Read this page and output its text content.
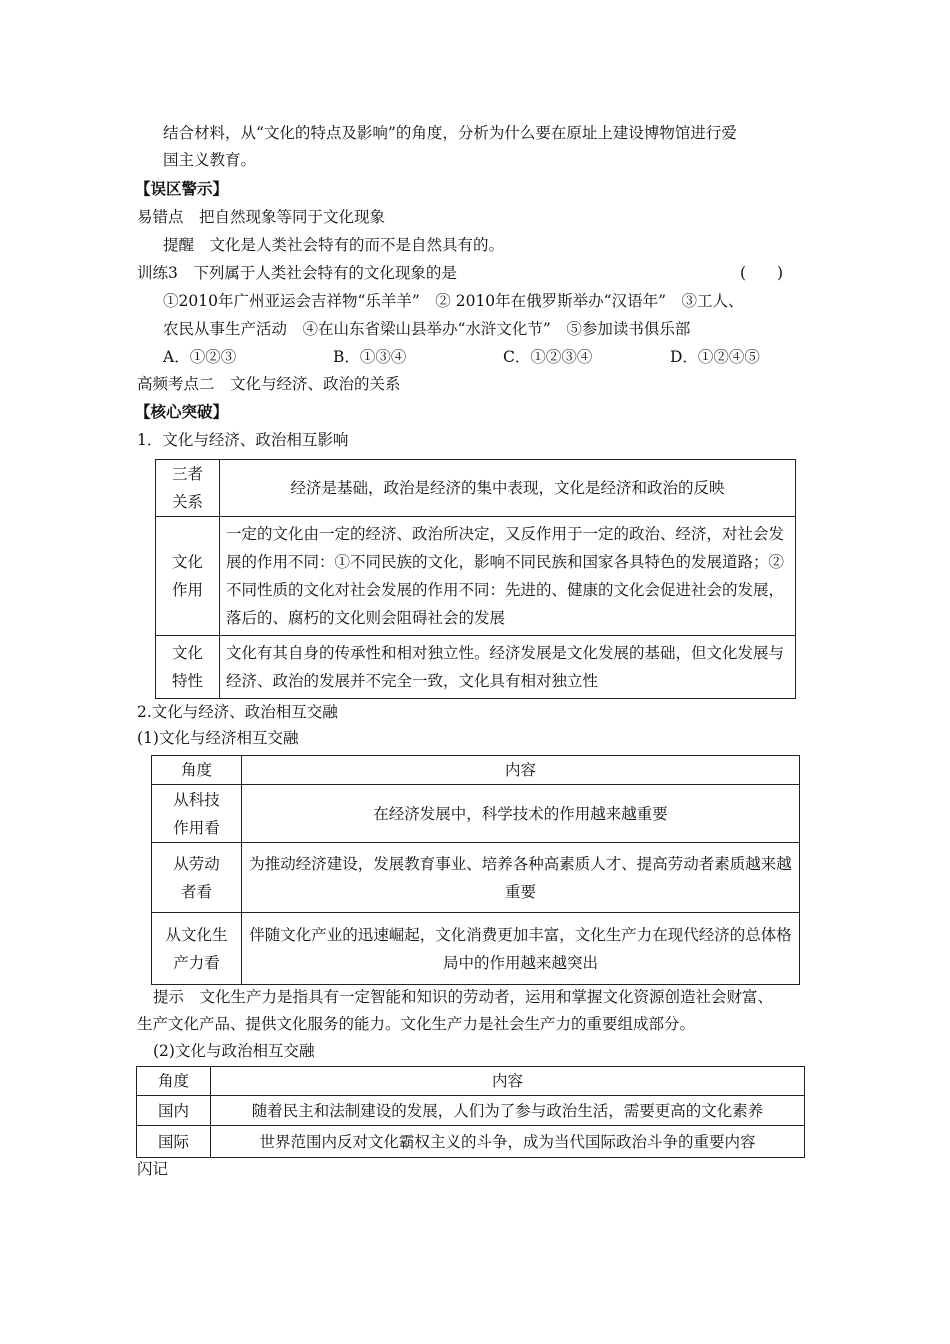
结合材料，从“文化的特点及影响”的角度，分析为什么要在原址上建设博物馆进行爱
国主义教育。
【误区警示】
易错点　把自然现象等同于文化现象
提醒　文化是人类社会特有的而不是自然具有的。
训练3　下列属于人类社会特有的文化现象的是	(　　)
①2010年广州亚运会吉祥物“乐羊羊”　② 2010年在俄罗斯举办“汉语年”　③工人、
农民从事生产活动　④在山东省梁山县举办“水浒文化节”　⑤参加读书俱乐部
A．①②③	B．①③④	C．①②③④	D．①②④⑤
高频考点二　文化与经济、政治的关系
【核心突破】
1．文化与经济、政治相互影响
三者
关系	经济是基础，政治是经济的集中表现，文化是经济和政治的反映

文化
作用	一定的文化由一定的经济、政治所决定，又反作用于一定的政治、经济，对社会发展的作用不同：①不同民族的文化，影响不同民族和国家各具特色的发展道路；②不同性质的文化对社会发展的作用不同：先进的、健康的文化会促进社会的发展，落后的、腐朽的文化则会阻碍社会的发展

文化
特性	文化有其自身的传承性和相对独立性。经济发展是文化发展的基础，但文化发展与经济、政治的发展并不完全一致，文化具有相对独立性
2.文化与经济、政治相互交融
(1)文化与经济相互交融
角度	内容

从科技
作用看	在经济发展中，科学技术的作用越来越重要

从劳动
者看	为推动经济建设，发展教育事业、培养各种高素质人才、提高劳动者素质越来越重要

从文化生
产力看	伴随文化产业的迅速崛起，文化消费更加丰富，文化生产力在现代经济的总体格局中的作用越来越突出
提示　文化生产力是指具有一定智能和知识的劳动者，运用和掌握文化资源创造社会财富、
生产文化产品、提供文化服务的能力。文化生产力是社会生产力的重要组成部分。
(2)文化与政治相互交融
角度	内容
国内	随着民主和法制建设的发展，人们为了参与政治生活，需要更高的文化素养
国际	世界范围内反对文化霸权主义的斗争，成为当代国际政治斗争的重要内容
闪记
